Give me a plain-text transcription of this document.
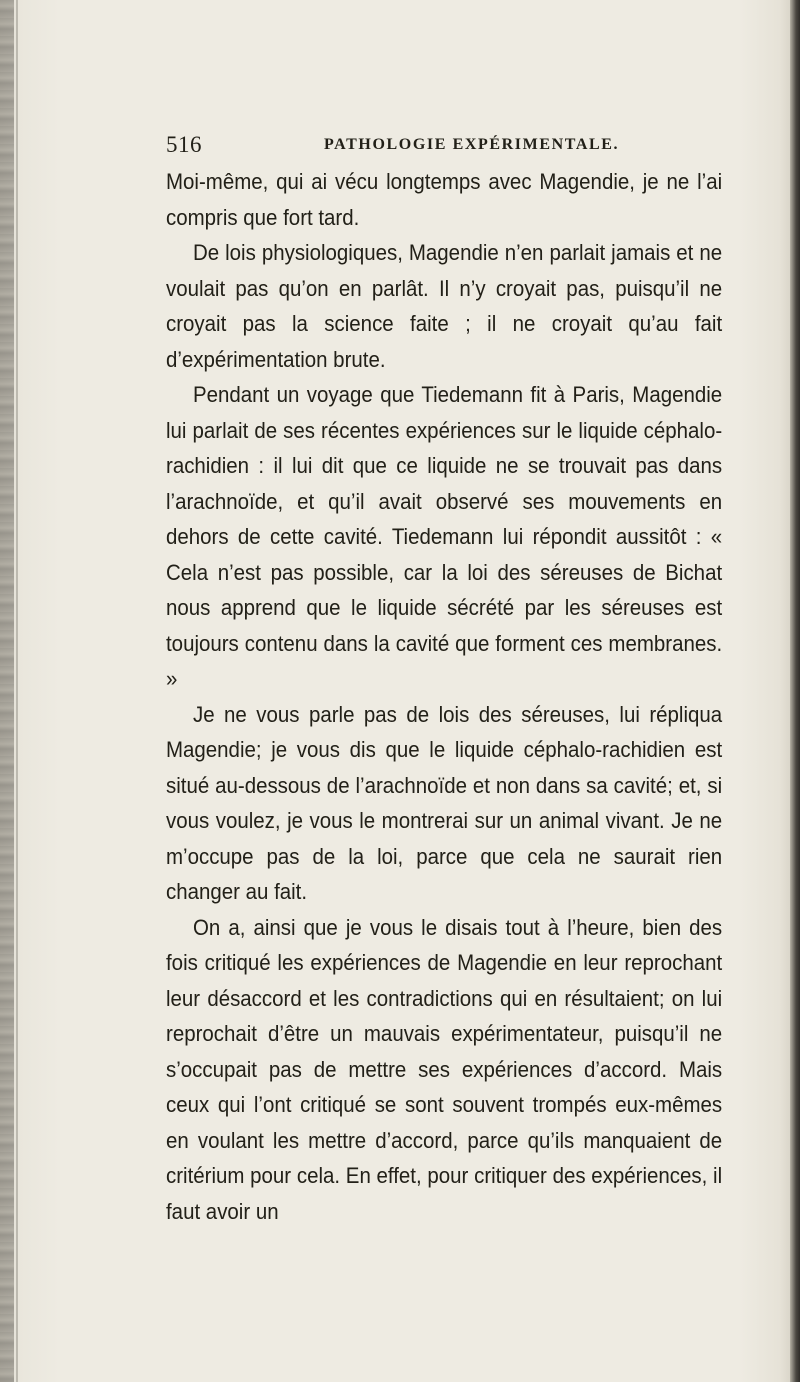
516	PATHOLOGIE EXPÉRIMENTALE.

Moi-même, qui ai vécu longtemps avec Magendie, je ne l’ai compris que fort tard.

De lois physiologiques, Magendie n’en parlait jamais et ne voulait pas qu’on en parlât. Il n’y croyait pas, puisqu’il ne croyait pas la science faite ; il ne croyait qu’au fait d’expérimentation brute.

Pendant un voyage que Tiedemann fit à Paris, Magendie lui parlait de ses récentes expériences sur le liquide céphalo-rachidien : il lui dit que ce liquide ne se trouvait pas dans l’arachnoïde, et qu’il avait observé ses mouvements en dehors de cette cavité. Tiedemann lui répondit aussitôt : « Cela n’est pas possible, car la loi des séreuses de Bichat nous apprend que le liquide sécrété par les séreuses est toujours contenu dans la cavité que forment ces membranes. »

Je ne vous parle pas de lois des séreuses, lui répliqua Magendie; je vous dis que le liquide céphalo-rachidien est situé au-dessous de l’arachnoïde et non dans sa cavité; et, si vous voulez, je vous le montrerai sur un animal vivant. Je ne m’occupe pas de la loi, parce que cela ne saurait rien changer au fait.

On a, ainsi que je vous le disais tout à l’heure, bien des fois critiqué les expériences de Magendie en leur reprochant leur désaccord et les contradictions qui en résultaient; on lui reprochait d’être un mauvais expérimentateur, puisqu’il ne s’occupait pas de mettre ses expériences d’accord. Mais ceux qui l’ont critiqué se sont souvent trompés eux-mêmes en voulant les mettre d’accord, parce qu’ils manquaient de critérium pour cela. En effet, pour critiquer des expériences, il faut avoir un
